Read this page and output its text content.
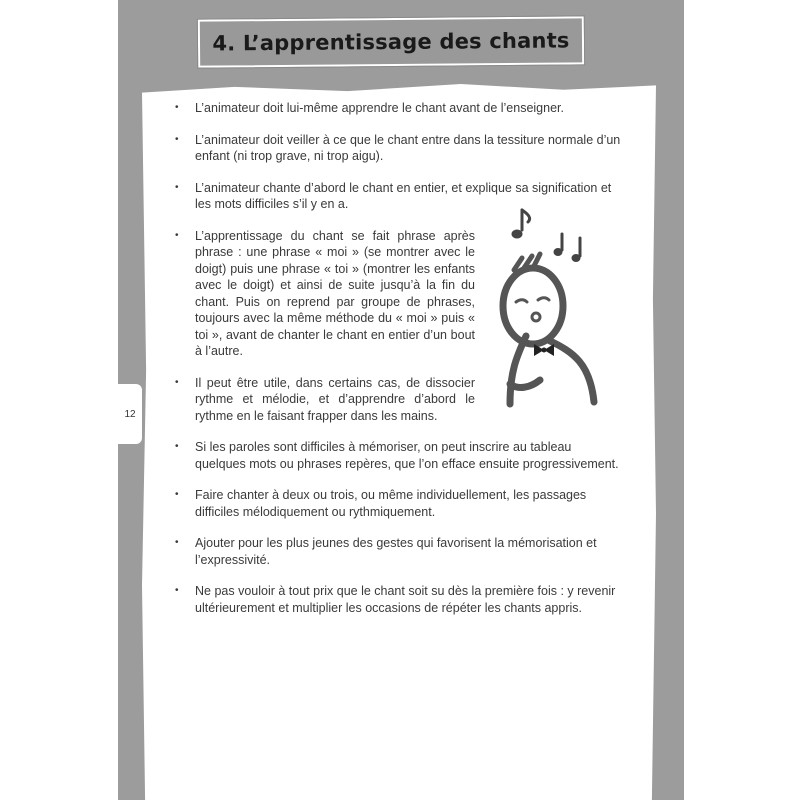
4. L’apprentissage des chants
12
• L’animateur doit lui-même apprendre le chant avant de l’enseigner.
• L’animateur doit veiller à ce que le chant entre dans la tessiture normale d’un enfant (ni trop grave, ni trop aigu).
• L’animateur chante d’abord le chant en entier, et explique sa signification et les mots difficiles s’il y en a.
• L’apprentissage du chant se fait phrase après phrase : une phrase « moi » (se montrer avec le doigt) puis une phrase « toi » (montrer les enfants avec le doigt) et ainsi de suite jusqu’à la fin du chant. Puis on reprend par groupe de phrases, toujours avec la même méthode du « moi » puis « toi », avant de chanter le chant en entier d’un bout à l’autre.
• Il peut être utile, dans certains cas, de dissocier rythme et mélodie, et d’apprendre d’abord le rythme en le faisant frapper dans les mains.
• Si les paroles sont difficiles à mémoriser, on peut inscrire au tableau quelques mots ou phrases repères, que l’on efface ensuite progressivement.
• Faire chanter à deux ou trois, ou même individuellement, les passages difficiles mélodiquement ou rythmiquement.
• Ajouter pour les plus jeunes des gestes qui favorisent la mémorisation et l’expressivité.
• Ne pas vouloir à tout prix que le chant soit su dès la première fois : y revenir ultérieurement et multiplier les occasions de répéter les chants appris.
